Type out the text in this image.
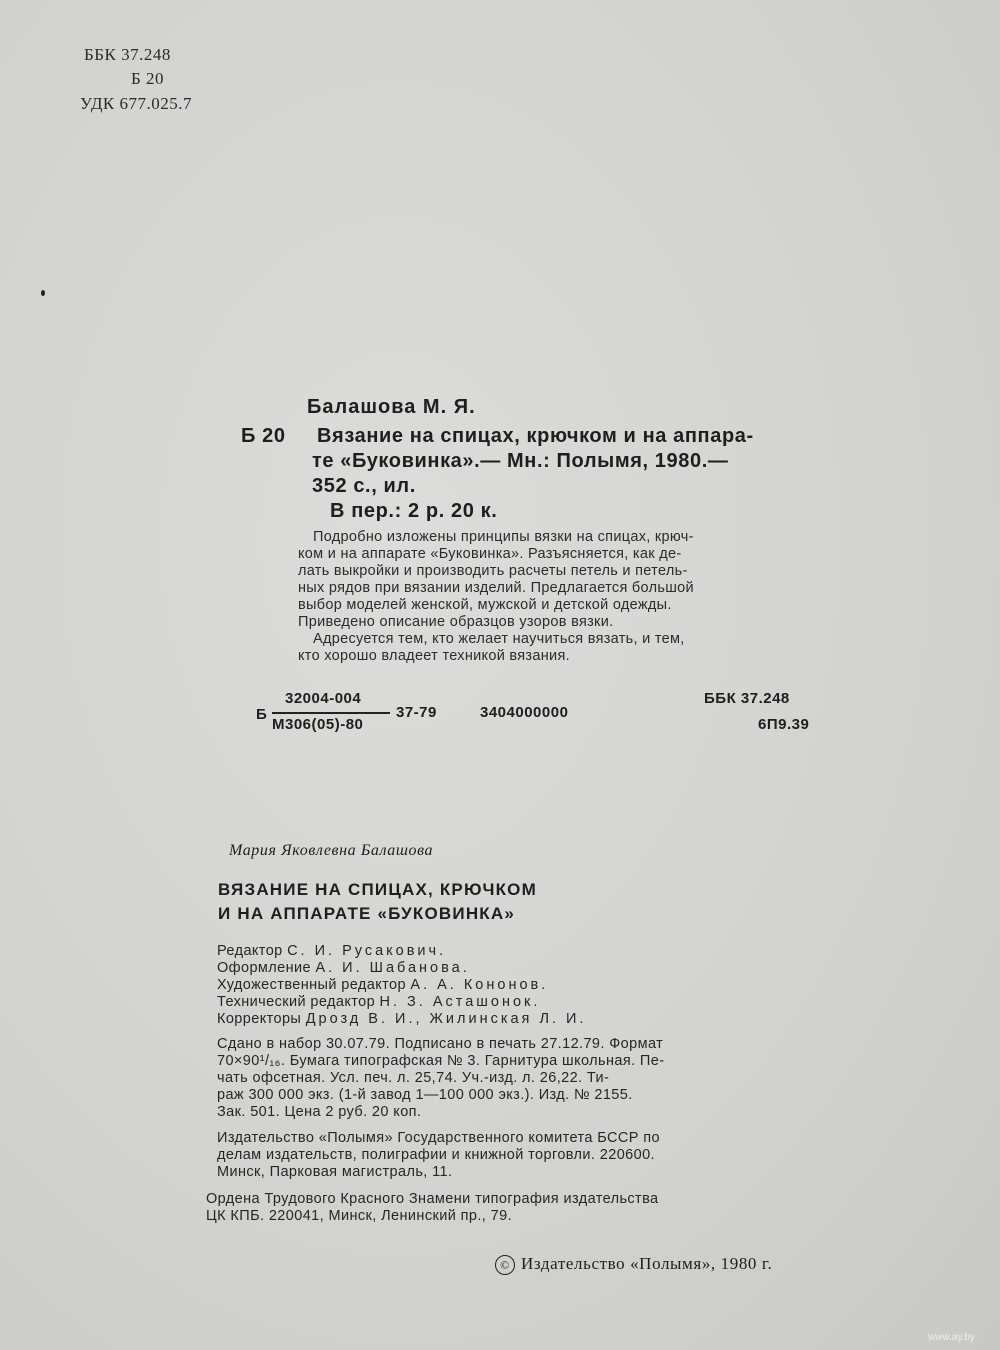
ББК 37.248
Б 20
УДК 677.025.7
Балашова М. Я.
Б 20 Вязание на спицах, крючком и на аппара-
те «Буковинка».— Мн.: Полымя, 1980.—
352 с., ил.
В пер.: 2 р. 20 к.
Подробно изложены принципы вязки на спицах, крюч-
ком и на аппарате «Буковинка». Разъясняется, как де-
лать выкройки и производить расчеты петель и петель-
ных рядов при вязании изделий. Предлагается большой
выбор моделей женской, мужской и детской одежды.
Приведено описание образцов узоров вязки.
Адресуется тем, кто желает научиться вязать, и тем,
кто хорошо владеет техникой вязания.
Б
32004-004
М306(05)-80
37-79	3404000000
ББК 37.248
6П9.39
Мария Яковлевна Балашова
ВЯЗАНИЕ НА СПИЦАХ, КРЮЧКОМ
И НА АППАРАТЕ «БУКОВИНКА»
Редактор С. И. Русакович.
Оформление А. И. Шабанова.
Художественный редактор А. А. Кононов.
Технический редактор Н. З. Асташонок.
Корректоры Дрозд В. И., Жилинская Л. И.
Сдано в набор 30.07.79. Подписано в печать 27.12.79. Формат
70×90¹/₁₆. Бумага типографская № 3. Гарнитура школьная. Пе-
чать офсетная. Усл. печ. л. 25,74. Уч.-изд. л. 26,22. Ти-
раж 300 000 экз. (1-й завод 1—100 000 экз.). Изд. № 2155.
Зак. 501. Цена 2 руб. 20 коп.
Издательство «Полымя» Государственного комитета БССР по
делам издательств, полиграфии и книжной торговли. 220600.
Минск, Парковая магистраль, 11.
Ордена Трудового Красного Знамени типография издательства
ЦК КПБ. 220041, Минск, Ленинский пр., 79.
© Издательство «Полымя», 1980 г.
www.ay.by
